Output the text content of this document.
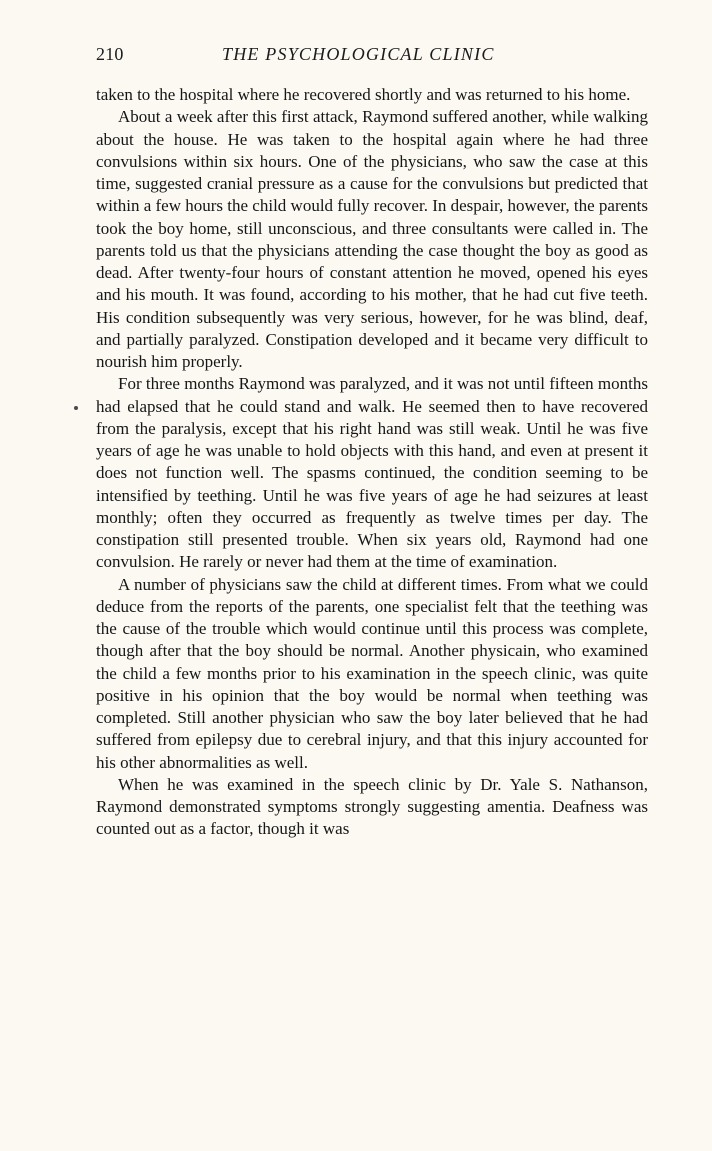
210	THE PSYCHOLOGICAL CLINIC

taken to the hospital where he recovered shortly and was returned to his home.

About a week after this first attack, Raymond suffered another, while walking about the house. He was taken to the hospital again where he had three convulsions within six hours. One of the physicians, who saw the case at this time, suggested cranial pressure as a cause for the convulsions but predicted that within a few hours the child would fully recover. In despair, however, the parents took the boy home, still unconscious, and three consultants were called in. The parents told us that the physicians attending the case thought the boy as good as dead. After twenty-four hours of constant attention he moved, opened his eyes and his mouth. It was found, according to his mother, that he had cut five teeth. His condition subsequently was very serious, however, for he was blind, deaf, and partially paralyzed. Constipation developed and it became very difficult to nourish him properly.

For three months Raymond was paralyzed, and it was not until fifteen months had elapsed that he could stand and walk. He seemed then to have recovered from the paralysis, except that his right hand was still weak. Until he was five years of age he was unable to hold objects with this hand, and even at present it does not function well. The spasms continued, the condition seeming to be intensified by teething. Until he was five years of age he had seizures at least monthly; often they occurred as frequently as twelve times per day. The constipation still presented trouble. When six years old, Raymond had one convulsion. He rarely or never had them at the time of examination.

A number of physicians saw the child at different times. From what we could deduce from the reports of the parents, one specialist felt that the teething was the cause of the trouble which would continue until this process was complete, though after that the boy should be normal. Another physicain, who examined the child a few months prior to his examination in the speech clinic, was quite positive in his opinion that the boy would be normal when teething was completed. Still another physician who saw the boy later believed that he had suffered from epilepsy due to cerebral injury, and that this injury accounted for his other abnormalities as well.

When he was examined in the speech clinic by Dr. Yale S. Nathanson, Raymond demonstrated symptoms strongly suggesting amentia. Deafness was counted out as a factor, though it was
